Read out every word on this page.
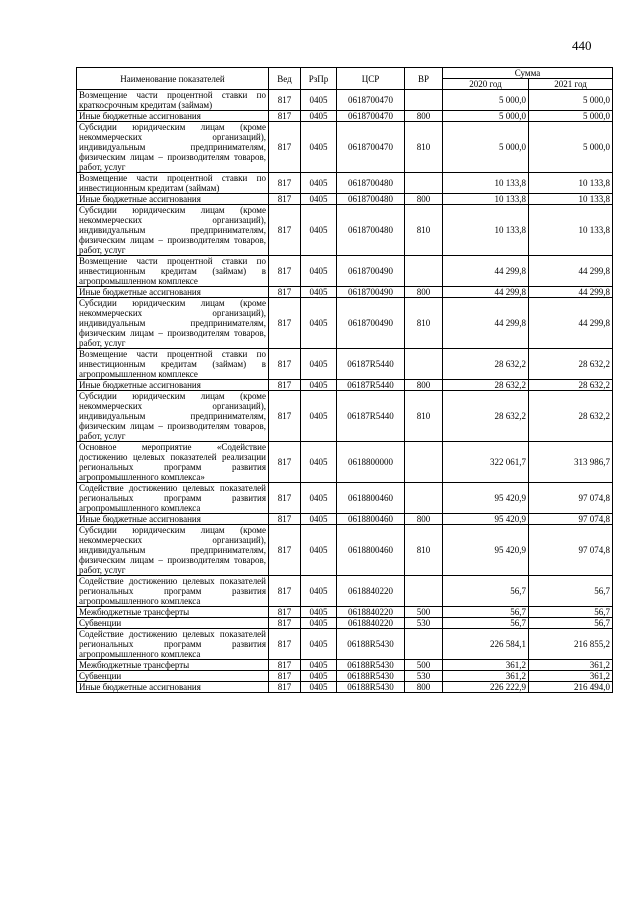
440
Наименование показателей	Вед	РзПр	ЦСР	ВР	Сумма	
					2020 год	2021 год
Возмещение части процентной ставки по краткосрочным кредитам (займам)	817	0405	0618700470		5 000,0	5 000,0
Иные бюджетные ассигнования	817	0405	0618700470	800	5 000,0	5 000,0
Субсидии юридическим лицам (кроме некоммерческих организаций), индивидуальным предпринимателям, физическим лицам – производителям товаров, работ, услуг	817	0405	0618700470	810	5 000,0	5 000,0
Возмещение части процентной ставки по инвестиционным кредитам (займам)	817	0405	0618700480		10 133,8	10 133,8
Иные бюджетные ассигнования	817	0405	0618700480	800	10 133,8	10 133,8
Субсидии юридическим лицам (кроме некоммерческих организаций), индивидуальным предпринимателям, физическим лицам – производителям товаров, работ, услуг	817	0405	0618700480	810	10 133,8	10 133,8
Возмещение части процентной ставки по инвестиционным кредитам (займам) в агропромышленном комплексе	817	0405	0618700490		44 299,8	44 299,8
Иные бюджетные ассигнования	817	0405	0618700490	800	44 299,8	44 299,8
Субсидии юридическим лицам (кроме некоммерческих организаций), индивидуальным предпринимателям, физическим лицам – производителям товаров, работ, услуг	817	0405	0618700490	810	44 299,8	44 299,8
Возмещение части процентной ставки по инвестиционным кредитам (займам) в агропромышленном комплексе	817	0405	06187R5440		28 632,2	28 632,2
Иные бюджетные ассигнования	817	0405	06187R5440	800	28 632,2	28 632,2
Субсидии юридическим лицам (кроме некоммерческих организаций), индивидуальным предпринимателям, физическим лицам – производителям товаров, работ, услуг	817	0405	06187R5440	810	28 632,2	28 632,2
Основное мероприятие «Содействие достижению целевых показателей реализации региональных программ развития агропромышленного комплекса»	817	0405	0618800000		322 061,7	313 986,7
Содействие достижению целевых показателей региональных программ развития агропромышленного комплекса	817	0405	0618800460		95 420,9	97 074,8
Иные бюджетные ассигнования	817	0405	0618800460	800	95 420,9	97 074,8
Субсидии юридическим лицам (кроме некоммерческих организаций), индивидуальным предпринимателям, физическим лицам – производителям товаров, работ, услуг	817	0405	0618800460	810	95 420,9	97 074,8
Содействие достижению целевых показателей региональных программ развития агропромышленного комплекса	817	0405	0618840220		56,7	56,7
Межбюджетные трансферты	817	0405	0618840220	500	56,7	56,7
Субвенции	817	0405	0618840220	530	56,7	56,7
Содействие достижению целевых показателей региональных программ развития агропромышленного комплекса	817	0405	06188R5430		226 584,1	216 855,2
Межбюджетные трансферты	817	0405	06188R5430	500	361,2	361,2
Субвенции	817	0405	06188R5430	530	361,2	361,2
Иные бюджетные ассигнования	817	0405	06188R5430	800	226 222,9	216 494,0
